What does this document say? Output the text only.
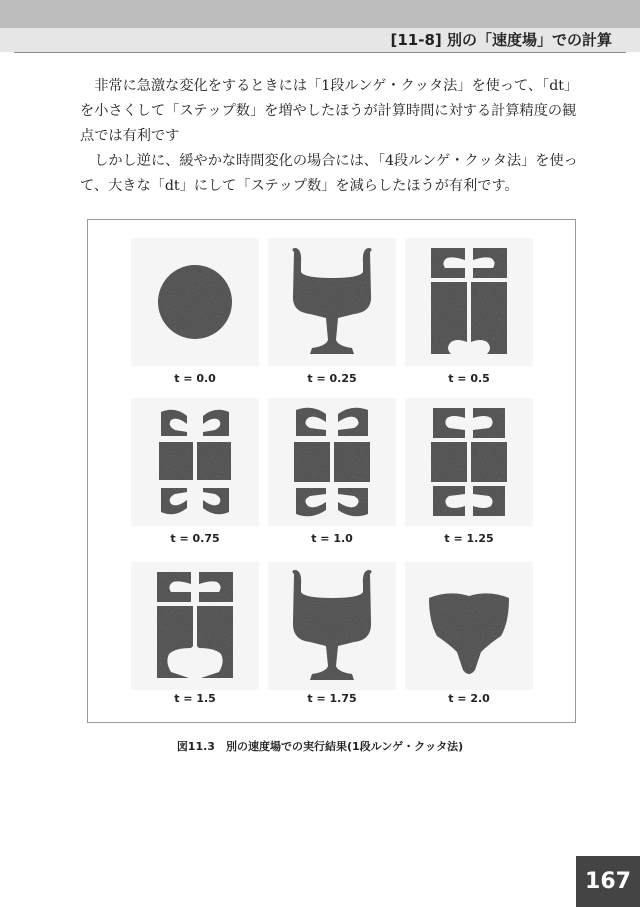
[11-8] 別の「速度場」での計算

非常に急激な変化をするときには「1段ルンゲ・クッタ法」を使って、「dt」を小さくして「ステップ数」を増やしたほうが計算時間に対する計算精度の観点では有利です

しかし逆に、緩やかな時間変化の場合には、「4段ルンゲ・クッタ法」を使って、大きな「dt」にして「ステップ数」を減らしたほうが有利です。

t = 0.0	t = 0.25	t = 0.5
t = 0.75	t = 1.0	t = 1.25
t = 1.5	t = 1.75	t = 2.0
図11.3　別の速度場での実行結果(1段ルンゲ・クッタ法)
167
